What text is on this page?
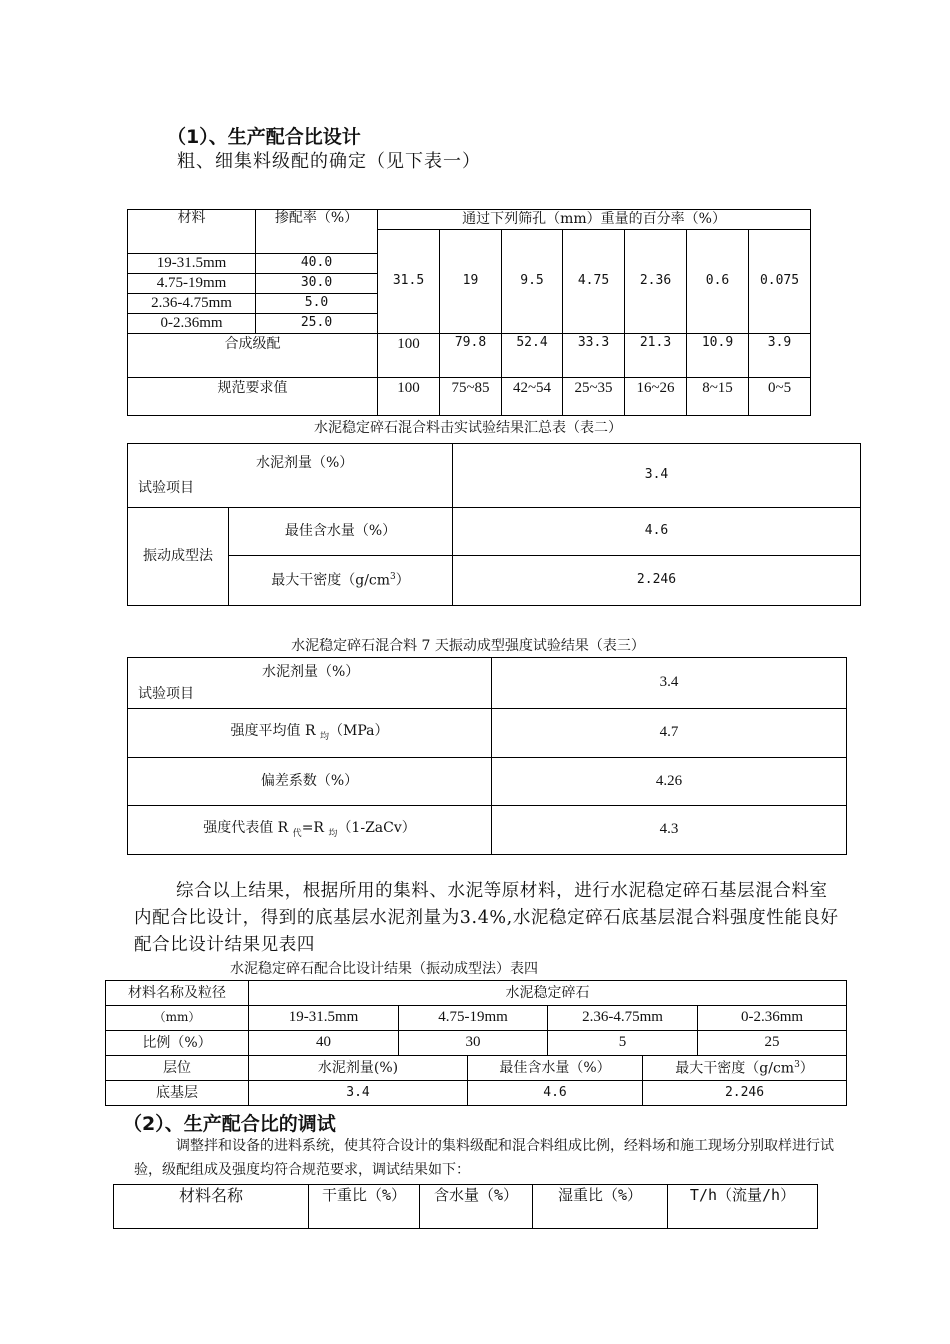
（1）、生产配合比设计
粗、细集料级配的确定（见下表一）
材料	掺配率（%）	通过下列筛孔（mm）重量的百分率（%）						
		31.5	19	9.5	4.75	2.36	0.6	0.075
19-31.5mm	40.0							
4.75-19mm	30.0							
2.36-4.75mm	5.0							
0-2.36mm	25.0							
合成级配		100	79.8	52.4	33.3	21.3	10.9	3.9
规范要求值		100	75~85	42~54	25~35	16~26	8~15	0~5
水泥稳定碎石混合料击实试验结果汇总表（表二）
水泥剂量（%）
试验项目		3.4
振动成型法	最佳含水量（%）	4.6
	最大干密度$(g/cm^3)$	2.246
水泥稳定碎石混合料 7 天振动成型强度试验结果（表三）
水泥剂量（%）
试验项目	3.4
强度平均值 R $_均$（MPa）	4.7
偏差系数（%）	4.26
强度代表值 R $_代$=R $_均$（1-ZaCv）	4.3
综合以上结果，根据所用的集料、水泥等原材料，进行水泥稳定碎石基层混合料室内配合比设计，得到的底基层水泥剂量为3.4%,水泥稳定碎石底基层混合料强度性能良好配合比设计结果见表四
水泥稳定碎石配合比设计结果（振动成型法）表四
材料名称及粒径	水泥稳定碎石					
（mm）	19-31.5mm	4.75-19mm		2.36-4.75mm		0-2.36mm
比例（%）	40	30		5		25
层位	水泥剂量(%)		最佳含水量（%）		最大干密度$(g/cm^3)$	
底基层	3.4		4.6		2.246	
（2）、生产配合比的调试
调整拌和设备的进料系统，使其符合设计的集料级配和混合料组成比例，经料场和施工现场分别取样进行试验，级配组成及强度均符合规范要求，调试结果如下：
材料名称	干重比（%）	含水量（%）	湿重比（%）	T/h（流量/h）
